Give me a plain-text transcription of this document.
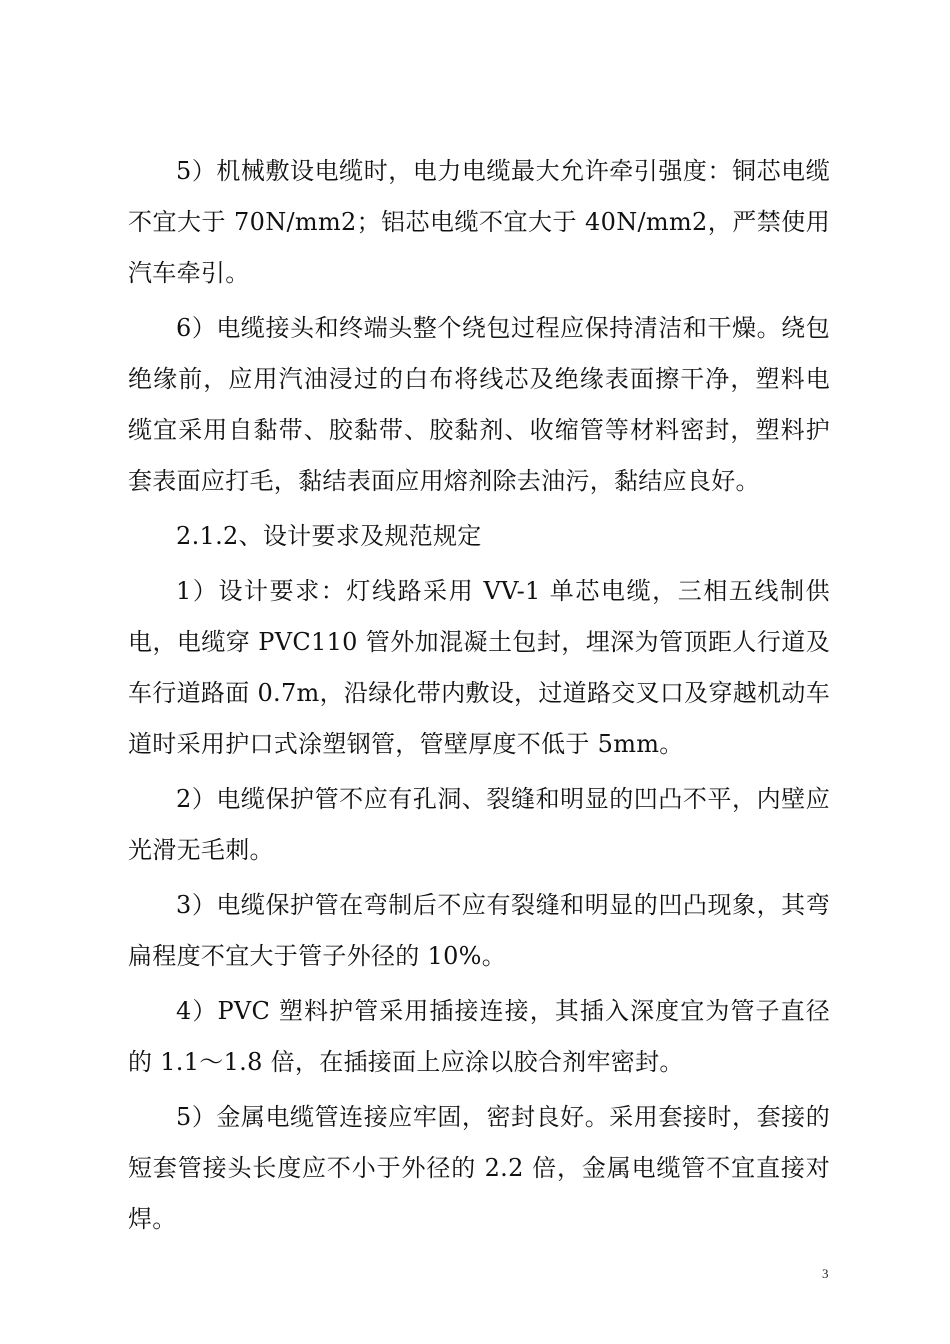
5）机械敷设电缆时，电力电缆最大允许牵引强度：铜芯电缆不宜大于 70N/mm2；铝芯电缆不宜大于 40N/mm2，严禁使用汽车牵引。

6）电缆接头和终端头整个绕包过程应保持清洁和干燥。绕包绝缘前，应用汽油浸过的白布将线芯及绝缘表面擦干净，塑料电缆宜采用自黏带、胶黏带、胶黏剂、收缩管等材料密封，塑料护套表面应打毛，黏结表面应用熔剂除去油污，黏结应良好。

2.1.2、设计要求及规范规定

1）设计要求：灯线路采用 VV-1 单芯电缆，三相五线制供电，电缆穿 PVC110 管外加混凝土包封，埋深为管顶距人行道及车行道路面 0.7m，沿绿化带内敷设，过道路交叉口及穿越机动车道时采用护口式涂塑钢管，管壁厚度不低于 5mm。

2）电缆保护管不应有孔洞、裂缝和明显的凹凸不平，内壁应光滑无毛刺。

3）电缆保护管在弯制后不应有裂缝和明显的凹凸现象，其弯扁程度不宜大于管子外径的 10%。

4）PVC 塑料护管采用插接连接，其插入深度宜为管子直径的 1.1～1.8 倍，在插接面上应涂以胶合剂牢密封。

5）金属电缆管连接应牢固，密封良好。采用套接时，套接的短套管接头长度应不小于外径的 2.2 倍，金属电缆管不宜直接对焊。

3
